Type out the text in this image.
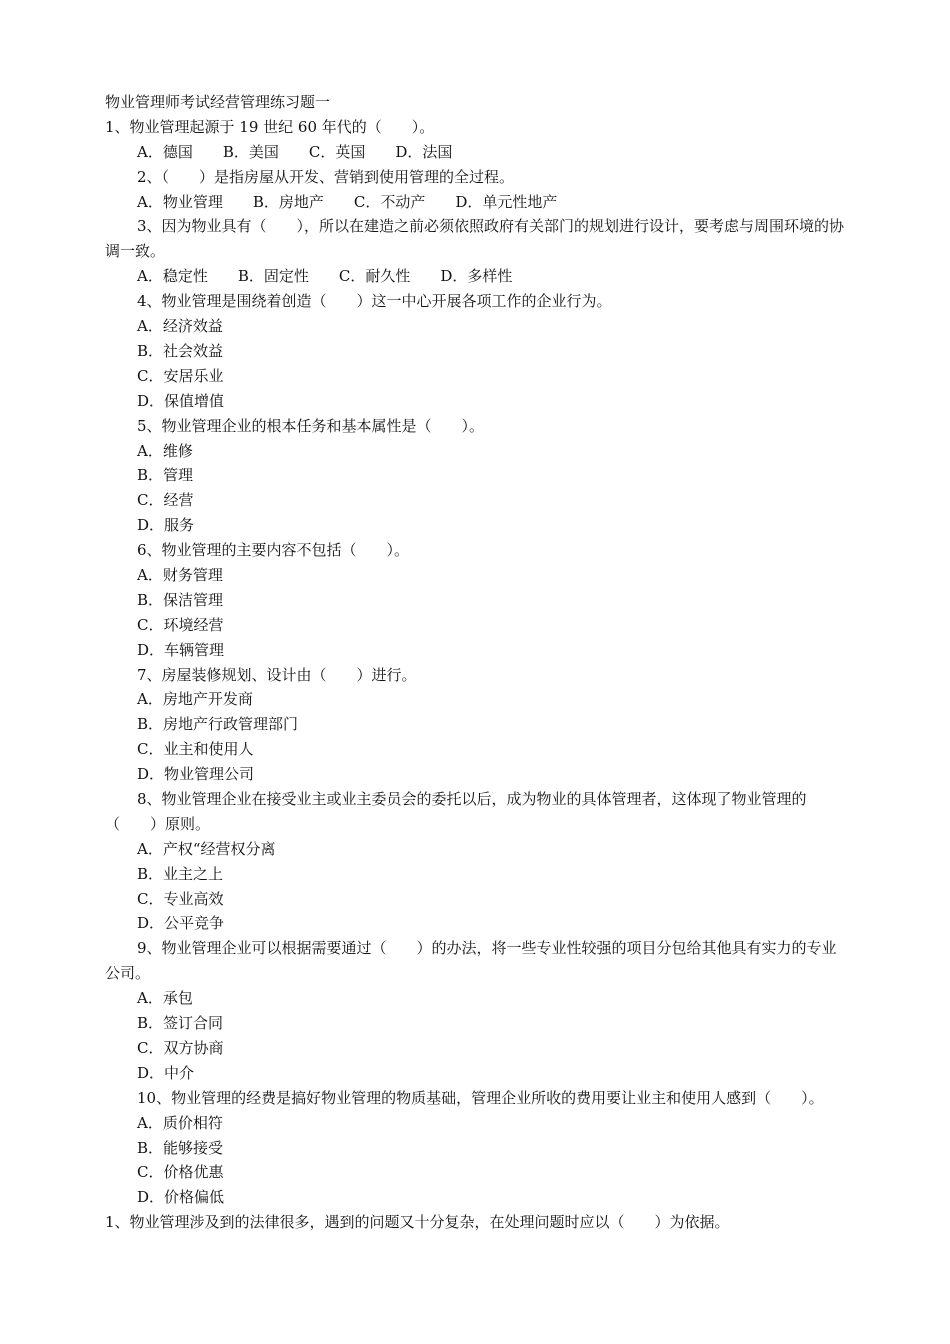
物业管理师考试经营管理练习题一
1、物业管理起源于 19 世纪 60 年代的（　　）。
A．德国　　B．美国　　C．英国　　D．法国
2、（　　）是指房屋从开发、营销到使用管理的全过程。
A．物业管理　　B．房地产　　C．不动产　　D．单元性地产
3、因为物业具有（　　），所以在建造之前必须依照政府有关部门的规划进行设计，要考虑与周围环境的协调一致。
A．稳定性　　B．固定性　　C．耐久性　　D．多样性
4、物业管理是围绕着创造（　　）这一中心开展各项工作的企业行为。
A．经济效益
B．社会效益
C．安居乐业
D．保值增值
5、物业管理企业的根本任务和基本属性是（　　）。
A．维修
B．管理
C．经营
D．服务
6、物业管理的主要内容不包括（　　）。
A．财务管理
B．保洁管理
C．环境经营
D．车辆管理
7、房屋装修规划、设计由（　　）进行。
A．房地产开发商
B．房地产行政管理部门
C．业主和使用人
D．物业管理公司
8、物业管理企业在接受业主或业主委员会的委托以后，成为物业的具体管理者，这体现了物业管理的（　　）原则。
A．产权“经营权分离
B．业主之上
C．专业高效
D．公平竞争
9、物业管理企业可以根据需要通过（　　）的办法，将一些专业性较强的项目分包给其他具有实力的专业公司。
A．承包
B．签订合同
C．双方协商
D．中介
10、物业管理的经费是搞好物业管理的物质基础，管理企业所收的费用要让业主和使用人感到（　　）。
A．质价相符
B．能够接受
C．价格优惠
D．价格偏低
1、物业管理涉及到的法律很多，遇到的问题又十分复杂，在处理问题时应以（　　）为依据。
